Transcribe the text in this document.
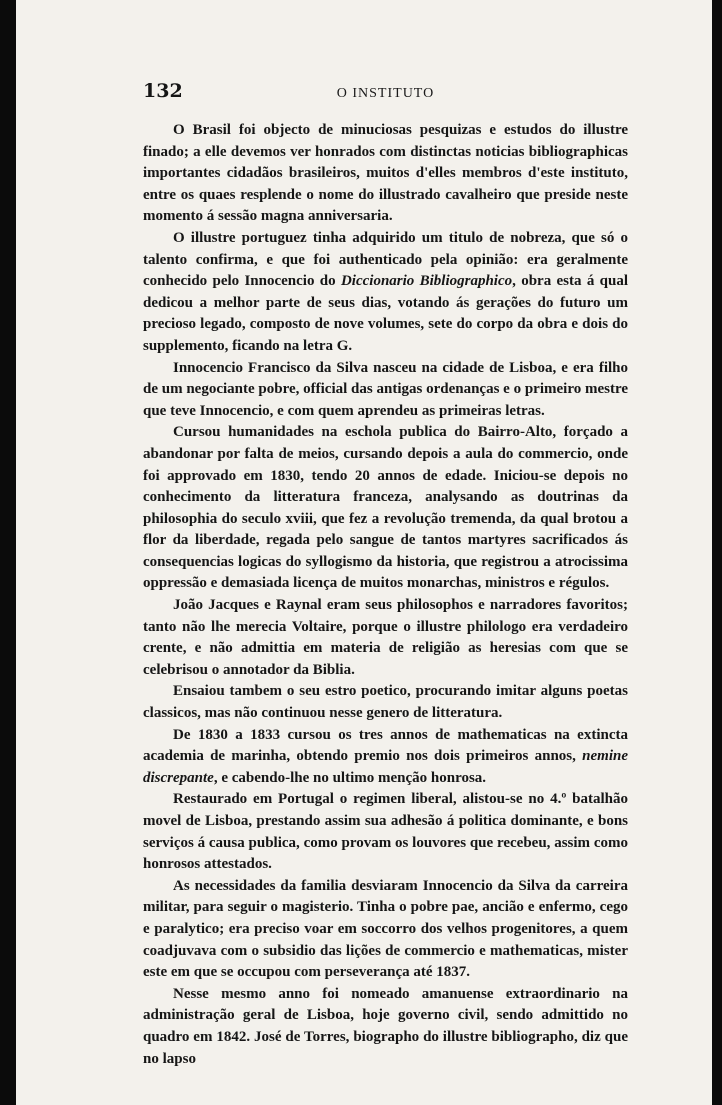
132	O INSTITUTO

O Brasil foi objecto de minuciosas pesquizas e estudos do illustre finado; a elle devemos ver honrados com distinctas noticias bibliographicas importantes cidadãos brasileiros, muitos d'elles membros d'este instituto, entre os quaes resplende o nome do illustrado cavalheiro que preside neste momento á sessão magna anniversaria.

O illustre portuguez tinha adquirido um titulo de nobreza, que só o talento confirma, e que foi authenticado pela opinião: era geralmente conhecido pelo Innocencio do Diccionario Bibliographico, obra esta á qual dedicou a melhor parte de seus dias, votando ás gerações do futuro um precioso legado, composto de nove volumes, sete do corpo da obra e dois do supplemento, ficando na letra G.

Innocencio Francisco da Silva nasceu na cidade de Lisboa, e era filho de um negociante pobre, official das antigas ordenanças e o primeiro mestre que teve Innocencio, e com quem aprendeu as primeiras letras.

Cursou humanidades na eschola publica do Bairro-Alto, forçado a abandonar por falta de meios, cursando depois a aula do commercio, onde foi approvado em 1830, tendo 20 annos de edade. Iniciou-se depois no conhecimento da litteratura franceza, analysando as doutrinas da philosophia do seculo xviii, que fez a revolução tremenda, da qual brotou a flor da liberdade, regada pelo sangue de tantos martyres sacrificados ás consequencias logicas do syllogismo da historia, que registrou a atrocissima oppressão e demasiada licença de muitos monarchas, ministros e régulos.

João Jacques e Raynal eram seus philosophos e narradores favoritos; tanto não lhe merecia Voltaire, porque o illustre philologo era verdadeiro crente, e não admittia em materia de religião as heresias com que se celebrisou o annotador da Biblia.

Ensaiou tambem o seu estro poetico, procurando imitar alguns poetas classicos, mas não continuou nesse genero de litteratura.

De 1830 a 1833 cursou os tres annos de mathematicas na extincta academia de marinha, obtendo premio nos dois primeiros annos, nemine discrepante, e cabendo-lhe no ultimo menção honrosa.

Restaurado em Portugal o regimen liberal, alistou-se no 4.º batalhão movel de Lisboa, prestando assim sua adhesão á politica dominante, e bons serviços á causa publica, como provam os louvores que recebeu, assim como honrosos attestados.

As necessidades da familia desviaram Innocencio da Silva da carreira militar, para seguir o magisterio. Tinha o pobre pae, ancião e enfermo, cego e paralytico; era preciso voar em soccorro dos velhos progenitores, a quem coadjuvava com o subsidio das lições de commercio e mathematicas, mister este em que se occupou com perseverança até 1837.

Nesse mesmo anno foi nomeado amanuense extraordinario na administração geral de Lisboa, hoje governo civil, sendo admittido no quadro em 1842. José de Torres, biographo do illustre bibliographo, diz que no lapso
